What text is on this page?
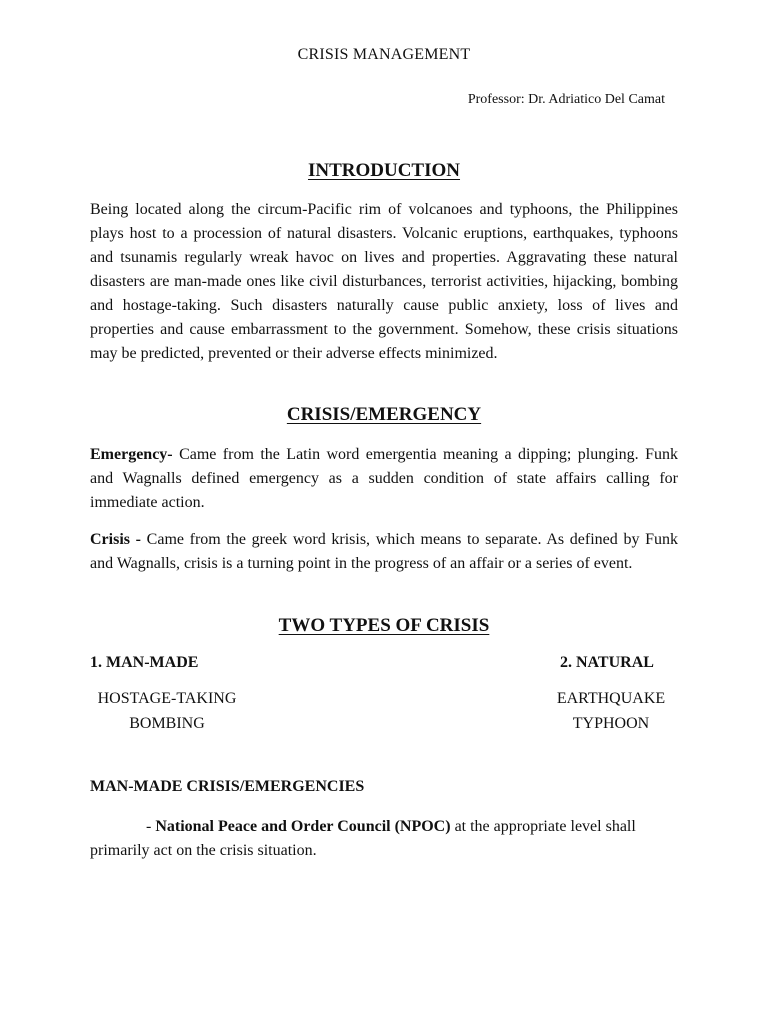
CRISIS MANAGEMENT
Professor: Dr. Adriatico Del Camat
INTRODUCTION

Being located along the circum-Pacific rim of volcanoes and typhoons, the Philippines plays host to a procession of natural disasters. Volcanic eruptions, earthquakes, typhoons and tsunamis regularly wreak havoc on lives and properties. Aggravating these natural disasters are man-made ones like civil disturbances, terrorist activities, hijacking, bombing and hostage-taking. Such disasters naturally cause public anxiety, loss of lives and properties and cause embarrassment to the government. Somehow, these crisis situations may be predicted, prevented or their adverse effects minimized.

CRISIS/EMERGENCY

Emergency- Came from the Latin word emergentia meaning a dipping; plunging. Funk and Wagnalls defined emergency as a sudden condition of state affairs calling for immediate action.

Crisis - Came from the greek word krisis, which means to separate. As defined by Funk and Wagnalls, crisis is a turning point in the progress of an affair or a series of event.

TWO TYPES OF CRISIS
1. MAN-MADE	2. NATURAL
HOSTAGE-TAKING
BOMBING
EARTHQUAKE
TYPHOON
MAN-MADE CRISIS/EMERGENCIES

- National Peace and Order Council (NPOC) at the appropriate level shall primarily act on the crisis situation.
